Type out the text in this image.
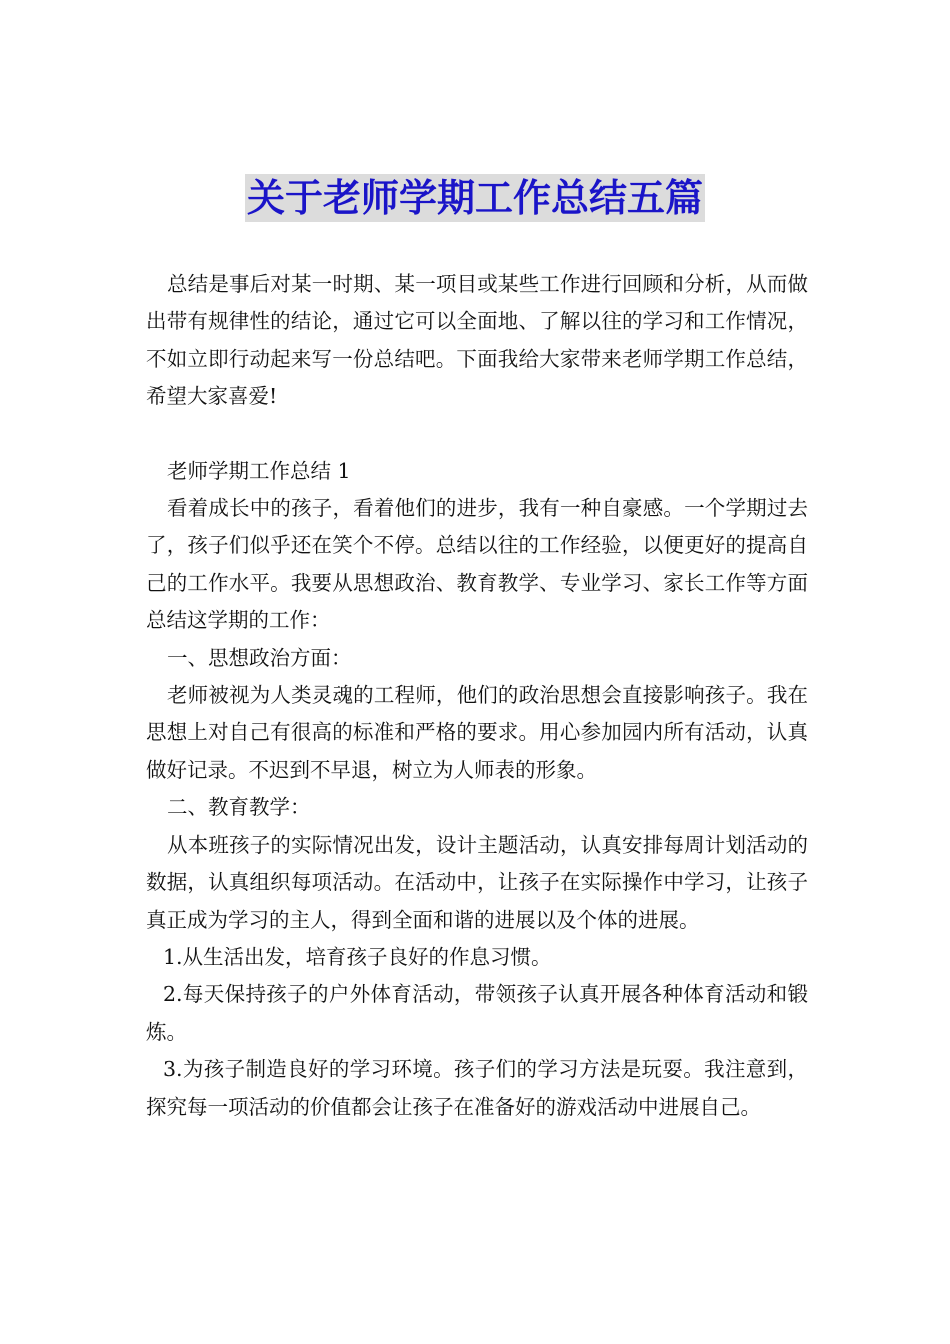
关于老师学期工作总结五篇

总结是事后对某一时期、某一项目或某些工作进行回顾和分析，从而做出带有规律性的结论，通过它可以全面地、了解以往的学习和工作情况，不如立即行动起来写一份总结吧。下面我给大家带来老师学期工作总结，希望大家喜爱!

老师学期工作总结 1

看着成长中的孩子，看着他们的进步，我有一种自豪感。一个学期过去了，孩子们似乎还在笑个不停。总结以往的工作经验，以便更好的提高自己的工作水平。我要从思想政治、教育教学、专业学习、家长工作等方面总结这学期的工作：

一、思想政治方面：

老师被视为人类灵魂的工程师，他们的政治思想会直接影响孩子。我在思想上对自己有很高的标准和严格的要求。用心参加园内所有活动，认真做好记录。不迟到不早退，树立为人师表的形象。

二、教育教学：

从本班孩子的实际情况出发，设计主题活动，认真安排每周计划活动的数据，认真组织每项活动。在活动中，让孩子在实际操作中学习，让孩子真正成为学习的主人，得到全面和谐的进展以及个体的进展。

1.从生活出发，培育孩子良好的作息习惯。

2.每天保持孩子的户外体育活动，带领孩子认真开展各种体育活动和锻炼。

3.为孩子制造良好的学习环境。孩子们的学习方法是玩耍。我注意到，探究每一项活动的价值都会让孩子在准备好的游戏活动中进展自己。
